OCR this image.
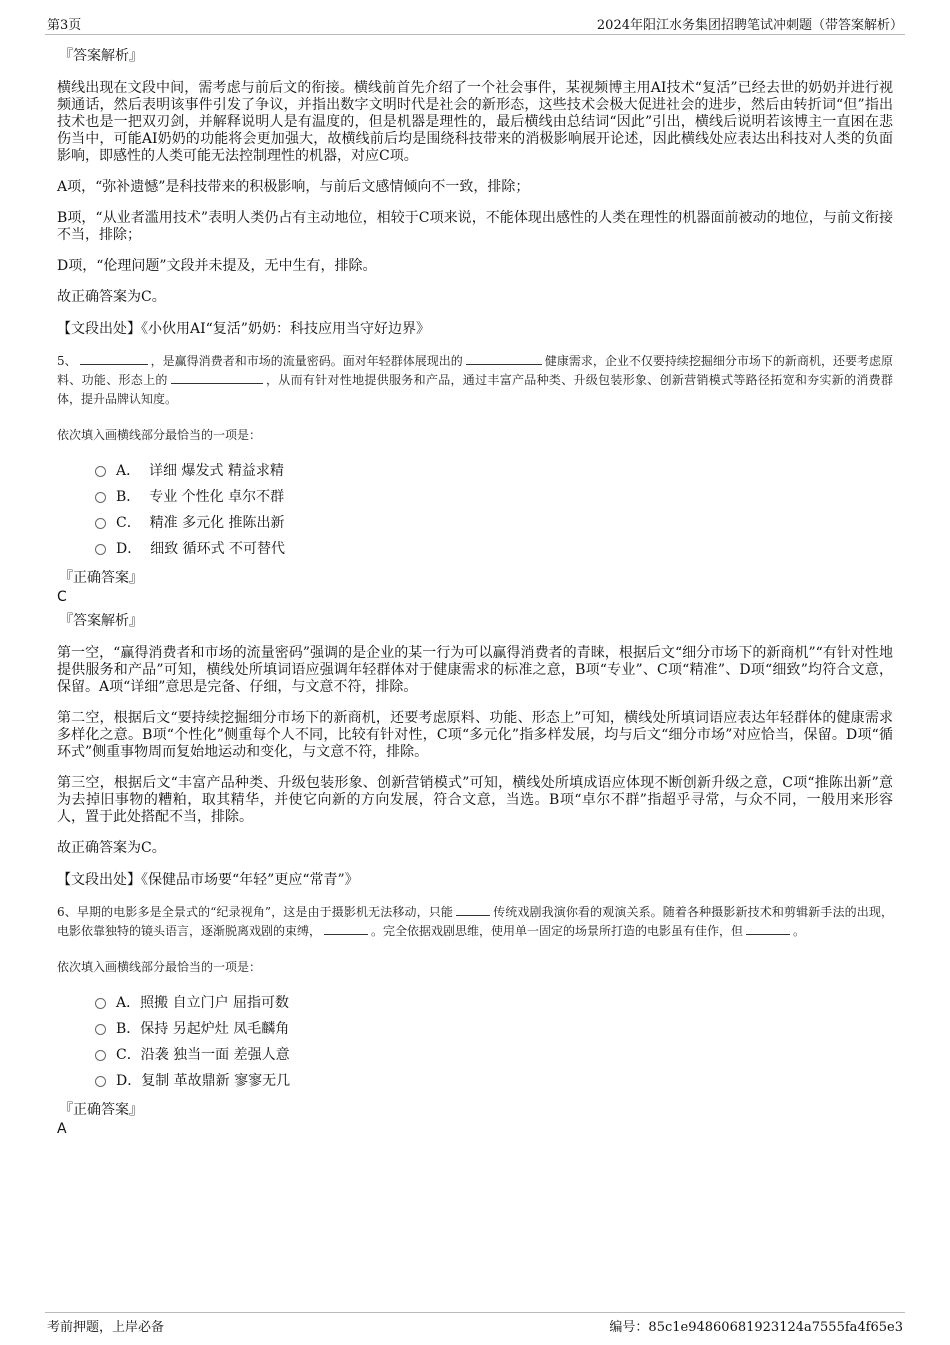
第3页	2024年阳江水务集团招聘笔试冲刺题（带答案解析）
『答案解析』

横线出现在文段中间，需考虑与前后文的衔接。横线前首先介绍了一个社会事件，某视频博主用AI技术“复活”已经去世的奶奶并进行视频通话，然后表明该事件引发了争议，并指出数字文明时代是社会的新形态，这些技术会极大促进社会的进步，然后由转折词“但”指出技术也是一把双刃剑，并解释说明人是有温度的，但是机器是理性的，最后横线由总结词“因此”引出，横线后说明若该博主一直困在悲伤当中，可能AI奶奶的功能将会更加强大，故横线前后均是围绕科技带来的消极影响展开论述，因此横线处应表达出科技对人类的负面影响，即感性的人类可能无法控制理性的机器，对应C项。

A项，“弥补遗憾”是科技带来的积极影响，与前后文感情倾向不一致，排除；

B项，“从业者滥用技术”表明人类仍占有主动地位，相较于C项来说，不能体现出感性的人类在理性的机器面前被动的地位，与前文衔接不当，排除；

D项，“伦理问题”文段并未提及，无中生有，排除。

故正确答案为C。

【文段出处】《小伙用AI“复活”奶奶：科技应用当守好边界》

5、	，是赢得消费者和市场的流量密码。面对年轻群体展现出的	健康需求，企业不仅要持续挖掘细分市场下的新商机，还要考虑原料、功能、形态上的	，从而有针对性地提供服务和产品，通过丰富产品种类、升级包装形象、创新营销模式等路径拓宽和夯实新的消费群体，提升品牌认知度。

依次填入画横线部分最恰当的一项是：

A．
详细 爆发式 精益求精
B．
专业 个性化 卓尔不群
C．
精准 多元化 推陈出新
D．
细致 循环式 不可替代
『正确答案』
C
『答案解析』

第一空，“赢得消费者和市场的流量密码”强调的是企业的某一行为可以赢得消费者的青睐，根据后文“细分市场下的新商机”“有针对性地提供服务和产品”可知，横线处所填词语应强调年轻群体对于健康需求的标准之意，B项“专业”、C项“精准”、D项“细致”均符合文意，保留。A项“详细”意思是完备、仔细，与文意不符，排除。

第二空，根据后文“要持续挖掘细分市场下的新商机，还要考虑原料、功能、形态上”可知，横线处所填词语应表达年轻群体的健康需求多样化之意。B项“个性化”侧重每个人不同，比较有针对性，C项“多元化”指多样发展，均与后文“细分市场”对应恰当，保留。D项“循环式”侧重事物周而复始地运动和变化，与文意不符，排除。

第三空，根据后文“丰富产品种类、升级包装形象、创新营销模式”可知，横线处所填成语应体现不断创新升级之意，C项“推陈出新”意为去掉旧事物的糟粕，取其精华，并使它向新的方向发展，符合文意，当选。B项“卓尔不群”指超乎寻常，与众不同，一般用来形容人，置于此处搭配不当，排除。

故正确答案为C。

【文段出处】《保健品市场要“年轻”更应“常青”》

6、早期的电影多是全景式的“纪录视角”，这是由于摄影机无法移动，只能	传统戏剧我演你看的观演关系。随着各种摄影新技术和剪辑新手法的出现，电影依靠独特的镜头语言，逐渐脱离戏剧的束缚，	。完全依据戏剧思维，使用单一固定的场景所打造的电影虽有佳作，但	。

依次填入画横线部分最恰当的一项是：

A． 照搬 自立门户 屈指可数
B． 保持 另起炉灶 凤毛麟角
C． 沿袭 独当一面 差强人意
D． 复制 革故鼎新 寥寥无几
『正确答案』
A
考前押题，上岸必备	编号：85c1e94860681923124a7555fa4f65e3
